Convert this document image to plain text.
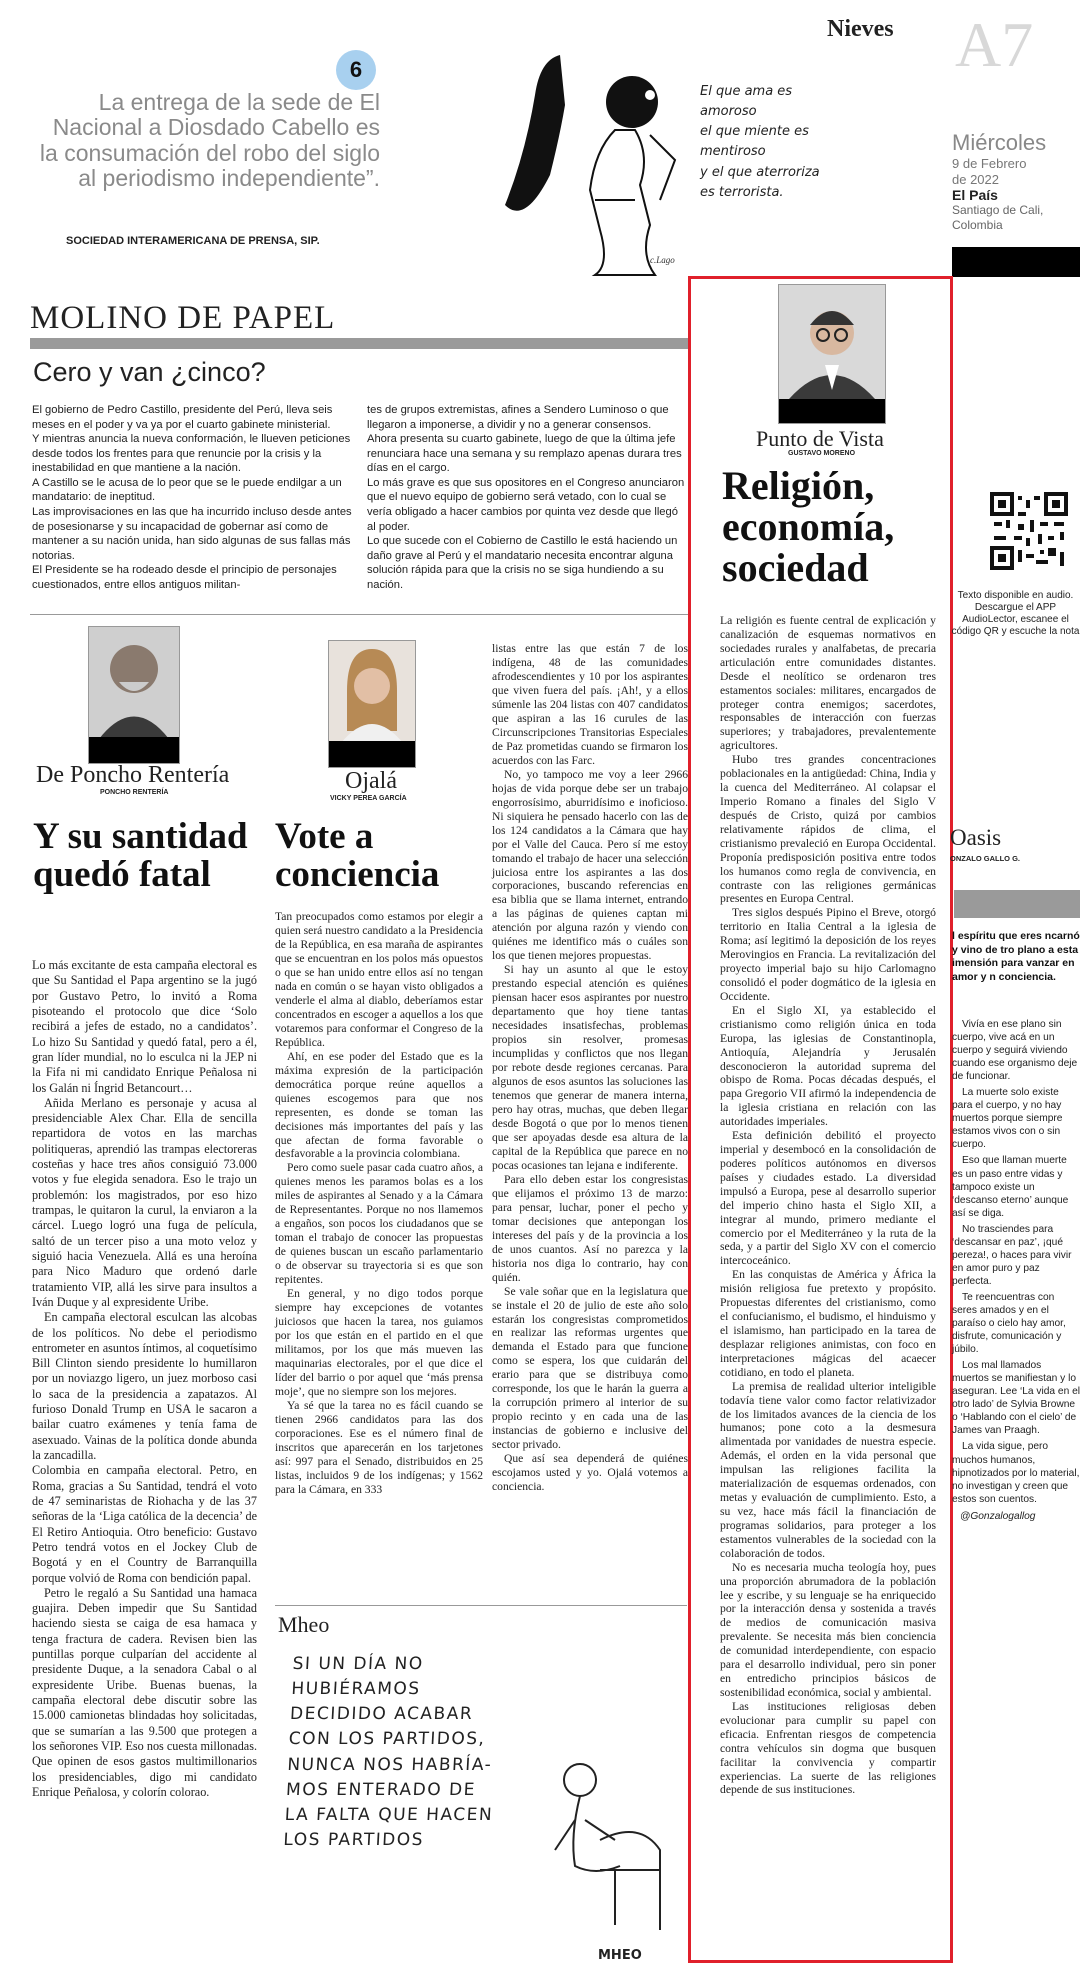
Nieves A7
Miércoles
9 de Febrero
de 2022
El País
Santiago de Cali,
Colombia
6
La entrega de la sede de El Nacional a Diosdado Cabello es la consumación del robo del siglo al periodismo independiente”.
SOCIEDAD INTERAMERICANA DE PRENSA, SIP.
El que ama es
amoroso
el que miente es
mentiroso
y el que aterroriza
es terrorista.
c.Lago
MOLINO DE PAPEL
Cero y van ¿cinco?

El gobierno de Pedro Castillo, presidente del Perú, lleva seis meses en el poder y va ya por el cuarto gabinete ministerial.

Y mientras anuncia la nueva conformación, le llueven peticiones desde todos los frentes para que renuncie por la crisis y la inestabilidad en que mantiene a la nación.

A Castillo se le acusa de lo peor que se le puede endilgar a un mandatario: de ineptitud.

Las improvisaciones en las que ha incurrido incluso desde antes de posesionarse y su incapacidad de gobernar así como de mantener a su nación unida, han sido algunas de sus fallas más notorias.

El Presidente se ha rodeado desde el principio de personajes cuestionados, entre ellos antiguos militan-

tes de grupos extremistas, afines a Sendero Luminoso o que llegaron a imponerse, a dividir y no a generar consensos.

Ahora presenta su cuarto gabinete, luego de que la última jefe renunciara hace una semana y su remplazo apenas durara tres días en el cargo.

Lo más grave es que sus opositores en el Congreso anunciaron que el nuevo equipo de gobierno será vetado, con lo cual se vería obligado a hacer cambios por quinta vez desde que llegó al poder.

Lo que sucede con el Cobierno de Castillo le está haciendo un daño grave al Perú y el mandatario necesita encontrar alguna solución rápida para que la crisis no se siga hundiendo a su nación.

De Poncho Rentería
PONCHO RENTERÍA
Y su santidad quedó fatal

Lo más excitante de esta campaña electoral es que Su Santidad el Papa argentino se la jugó por Gustavo Petro, lo invitó a Roma pisoteando el protocolo que dice ‘Solo recibirá a jefes de estado, no a candidatos’. Lo hizo Su Santidad y quedó fatal, pero a él, gran líder mundial, no lo esculca ni la JEP ni la Fifa ni mi candidato Enrique Peñalosa ni los Galán ni Íngrid Betancourt…

Añida Merlano es personaje y acusa al presidenciable Alex Char. Ella de sencilla repartidora de votos en las marchas politiqueras, aprendió las trampas electoreras costeñas y hace tres años consiguió 73.000 votos y fue elegida senadora. Eso le trajo un problemón: los magistrados, por eso hizo trampas, le quitaron la curul, la enviaron a la cárcel. Luego logró una fuga de película, saltó de un tercer piso a una moto veloz y siguió hacia Venezuela. Allá es una heroína para Nico Maduro que ordenó darle tratamiento VIP, allá les sirve para insultos a Iván Duque y al expresidente Uribe.

En campaña electoral esculcan las alcobas de los políticos. No debe el periodismo entrometer en asuntos íntimos, al coquetísimo Bill Clinton siendo presidente lo humillaron por un noviazgo ligero, un juez morboso casi lo saca de la presidencia a zapatazos. Al furioso Donald Trump en USA le sacaron a bailar cuatro exámenes y tenía fama de asexuado. Vainas de la política donde abunda la zancadilla.

Colombia en campaña electoral. Petro, en Roma, gracias a Su Santidad, tendrá el voto de 47 seminaristas de Riohacha y de las 37 señoras de la ‘Liga católica de la decencia’ de El Retiro Antioquia. Otro beneficio: Gustavo Petro tendrá votos en el Jockey Club de Bogotá y en el Country de Barranquilla porque volvió de Roma con bendición papal.

Petro le regaló a Su Santidad una hamaca guajira. Deben impedir que Su Santidad haciendo siesta se caiga de esa hamaca y tenga fractura de cadera. Revisen bien las puntillas porque culparían del accidente al presidente Duque, a la senadora Cabal o al expresidente Uribe. Buenas buenas, la campaña electoral debe discutir sobre las 15.000 camionetas blindadas hoy solicitadas, que se sumarían a las 9.500 que protegen a los señorones VIP. Eso nos cuesta millonadas. Que opinen de esos gastos multimillonarios los presidenciables, digo mi candidato Enrique Peñalosa, y colorín colorao.

Ojalá
VICKY PEREA GARCÍA
Vote a conciencia

Tan preocupados como estamos por elegir a quien será nuestro candidato a la Presidencia de la República, en esa maraña de aspirantes que se encuentran en los polos más opuestos o que se han unido entre ellos así no tengan nada en común o se hayan visto obligados a venderle el alma al diablo, deberíamos estar concentrados en escoger a aquellos a los que votaremos para conformar el Congreso de la República.

Ahí, en ese poder del Estado que es la máxima expresión de la participación democrática porque reúne aquellos a quienes escogemos para que nos representen, es donde se toman las decisiones más importantes del país y las que afectan de forma favorable o desfavorable a la provincia colombiana.

Pero como suele pasar cada cuatro años, a quienes menos les paramos bolas es a los miles de aspirantes al Senado y a la Cámara de Representantes. Porque no nos llamemos a engaños, son pocos los ciudadanos que se toman el trabajo de conocer las propuestas de quienes buscan un escaño parlamentario o de observar su trayectoria si es que son repitentes.

En general, y no digo todos porque siempre hay excepciones de votantes juiciosos que hacen la tarea, nos guiamos por los que están en el partido en el que militamos, por los que más mueven las maquinarias electorales, por el que dice el líder del barrio o por aquel que ‘más prensa moje’, que no siempre son los mejores.

Ya sé que la tarea no es fácil cuando se tienen 2966 candidatos para las dos corporaciones. Ese es el número final de inscritos que aparecerán en los tarjetones así: 997 para el Senado, distribuidos en 25 listas, incluidos 9 de los indígenas; y 1562 para la Cámara, en 333

listas entre las que están 7 de los indígena, 48 de las comunidades afrodescendientes y 10 por los aspirantes que viven fuera del país. ¡Ah!, y a ellos súmenle las 204 listas con 407 candidatos que aspiran a las 16 curules de las Circunscripciones Transitorias Especiales de Paz prometidas cuando se firmaron los acuerdos con las Farc.

No, yo tampoco me voy a leer 2966 hojas de vida porque debe ser un trabajo engorrosísimo, aburridísimo e inoficioso. Ni siquiera he pensado hacerlo con las de los 124 candidatos a la Cámara que hay por el Valle del Cauca. Pero sí me estoy tomando el trabajo de hacer una selección juiciosa entre los aspirantes a las dos corporaciones, buscando referencias en esa biblia que se llama internet, entrando a las páginas de quienes captan mi atención por alguna razón y viendo con quiénes me identifico más o cuáles son los que tienen mejores propuestas.

Si hay un asunto al que le estoy prestando especial atención es quiénes piensan hacer esos aspirantes por nuestro departamento que hoy tiene tantas necesidades insatisfechas, problemas propios sin resolver, promesas incumplidas y conflictos que nos llegan por rebote desde regiones cercanas. Para algunos de esos asuntos las soluciones las tenemos que generar de manera interna, pero hay otras, muchas, que deben llegar desde Bogotá o que por lo menos tienen que ser apoyadas desde esa altura de la capital de la República que parece en no pocas ocasiones tan lejana e indiferente.

Para ello deben estar los congresistas que elijamos el próximo 13 de marzo: para pensar, luchar, poner el pecho y tomar decisiones que antepongan los intereses del país y de la provincia a los de unos cuantos. Así no parezca y la historia nos diga lo contrario, hay con quién.

Se vale soñar que en la legislatura que se instale el 20 de julio de este año solo estarán los congresistas comprometidos en realizar las reformas urgentes que demanda el Estado para que funcione como se espera, los que cuidarán del erario para que se distribuya como corresponde, los que le harán la guerra a la corrupción primero al interior de su propio recinto y en cada una de las instancias de gobierno e inclusive del sector privado.

Que así sea dependerá de quiénes escojamos usted y yo. Ojalá votemos a conciencia.

Mheo
SI UN DÍA NO
HUBIÉRAMOS
DECIDIDO ACABAR
CON LOS PARTIDOS,
NUNCA NOS HABRÍA-
MOS ENTERADO DE
LA FALTA QUE HACEN
LOS PARTIDOS
MHEO
Punto de Vista
GUSTAVO MORENO
Religión, economía, sociedad

La religión es fuente central de explicación y canalización de esquemas normativos en sociedades rurales y analfabetas, de precaria articulación entre comunidades distantes. Desde el neolítico se ordenaron tres estamentos sociales: militares, encargados de proteger contra enemigos; sacerdotes, responsables de interacción con fuerzas superiores; y trabajadores, prevalentemente agricultores.

Hubo tres grandes concentraciones poblacionales en la antigüedad: China, India y la cuenca del Mediterráneo. Al colapsar el Imperio Romano a finales del Siglo V después de Cristo, quizá por cambios relativamente rápidos de clima, el cristianismo prevaleció en Europa Occidental. Proponía predisposición positiva entre todos los humanos como regla de convivencia, en contraste con las religiones germánicas presentes en Europa Central.

Tres siglos después Pipino el Breve, otorgó territorio en Italia Central a la iglesia de Roma; así legitimó la deposición de los reyes Merovingios en Francia. La revitalización del proyecto imperial bajo su hijo Carlomagno consolidó el poder dogmático de la iglesia en Occidente.

En el Siglo XI, ya establecido el cristianismo como religión única en toda Europa, las iglesias de Constantinopla, Antioquía, Alejandría y Jerusalén desconocieron la autoridad suprema del obispo de Roma. Pocas décadas después, el papa Gregorio VII afirmó la independencia de la iglesia cristiana en relación con las autoridades imperiales.

Esta definición debilitó el proyecto imperial y desembocó en la consolidación de poderes políticos autónomos en diversos países y ciudades estado. La diversidad impulsó a Europa, pese al desarrollo superior del imperio chino hasta el Siglo XII, a integrar al mundo, primero mediante el comercio por el Mediterráneo y la ruta de la seda, y a partir del Siglo XV con el comercio intercoceánico.

En las conquistas de América y África la misión religiosa fue pretexto y propósito. Propuestas diferentes del cristianismo, como el confucianismo, el budismo, el hinduismo y el islamismo, han participado en la tarea de desplazar religiones animistas, con foco en interpretaciones mágicas del acaecer cotidiano, en todo el planeta.

La premisa de realidad ulterior inteligible todavía tiene valor como factor relativizador de los limitados avances de la ciencia de los humanos; pone coto a la desmesura alimentada por vanidades de nuestra especie. Además, el orden en la vida personal que impulsan las religiones facilita la materialización de esquemas ordenados, con metas y evaluación de cumplimiento. Esto, a su vez, hace más fácil la financiación de programas solidarios, para proteger a los estamentos vulnerables de la sociedad con la colaboración de todos.

No es necesaria mucha teología hoy, pues una proporción abrumadora de la población lee y escribe, y su lenguaje se ha enriquecido por la interacción densa y sostenida a través de medios de comunicación masiva prevalente. Se necesita más bien conciencia de comunidad interdependiente, con espacio para el desarrollo individual, pero sin poner en entredicho principios básicos de sostenibilidad económica, social y ambiental.

Las instituciones religiosas deben evolucionar para cumplir su papel con eficacia. Enfrentan riesgos de competencia contra vehículos sin dogma que busquen facilitar la convivencia y compartir experiencias. La suerte de las religiones depende de sus instituciones.

Texto disponible en audio. Descargue el APP AudioLector, escanee el código QR y escuche la nota
Oasis
ONZALO GALLO G.
l espíritu que eres ncarnó y vino de tro plano a esta imensión para vanzar en amor y n conciencia.

Vivía en ese plano sin cuerpo, vive acá en un cuerpo y seguirá viviendo cuando ese organismo deje de funcionar.

La muerte solo existe para el cuerpo, y no hay muertos porque siempre estamos vivos con o sin cuerpo.

Eso que llaman muerte es un paso entre vidas y tampoco existe un ‘descanso eterno’ aunque así se diga.

No trasciendes para ‘descansar en paz’, ¡qué pereza!, o haces para vivir en amor puro y paz perfecta.

Te reencuentras con seres amados y en el paraíso o cielo hay amor, disfrute, comunicación y júbilo.

Los mal llamados muertos se manifiestan y lo aseguran. Lee ‘La vida en el otro lado’ de Sylvia Browne o ‘Hablando con el cielo’ de James van Praagh.

La vida sigue, pero muchos humanos, hipnotizados por lo material, no investigan y creen que estos son cuentos.

@Gonzalogallog
